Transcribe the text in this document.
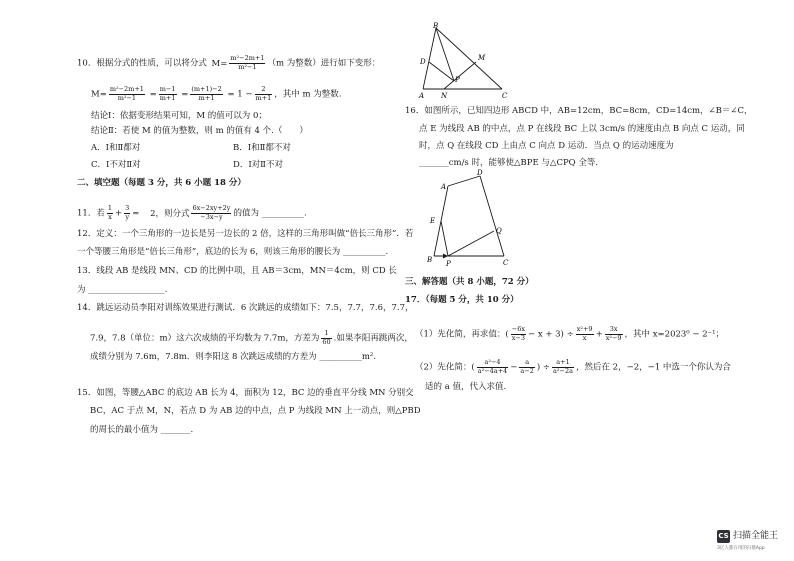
10．根据分式的性质，可以将分式 $M= \frac{\text{m²−2m+1}}{\text{m²−1}} (m$ 为整数）进行如下变形：
$M= \frac{\text{m²−2m+1}}{\text{m²−1}} = \frac{m-1}{m+1} = \frac{(m+1)-2}{m+1} = 1 - \frac{2}{m+1}$ ，其中 m 为整数.
结论Ⅰ：依据变形结果可知，M 的值可以为 0；
结论Ⅱ：若使 M 的值为整数，则 m 的值有 4 个.（　　）
A．Ⅰ和Ⅱ都对	B．Ⅰ和Ⅱ都不对
C．Ⅰ不对Ⅱ对	D．Ⅰ对Ⅱ不对
二、填空题（每题 3 分，共 6 小题 18 分）
11．若 $\frac{1}{x} + \frac{3}{y} = 2$，则分式 $\frac{6x-2xy+2y}{-3x-y}$ 的值为 __________.
12．定义：一个三角形的一边长是另一边长的 2 倍，这样的三角形叫做“倍长三角形”．若
一个等腰三角形是“倍长三角形”，底边的长为 6，则该三角形的腰长为 __________.
13．线段 AB 是线段 MN、CD 的比例中项，且 AB＝3cm，MN＝4cm，则 CD 长
为 __________________.
14．跳远运动员李阳对训练效果进行测试．6 次跳远的成绩如下：7.5，7.7，7.6，7.7，
7.9，7.8（单位：m）这六次成绩的平均数为 7.7m，方差为 $\frac{1}{60}$ .如果李阳再跳两次，
成绩分别为 7.6m，7.8m．则李阳这 8 次跳远成绩的方差为 __________m².
15．如图，等腰△ABC 的底边 AB 长为 4，面积为 12，BC 边的垂直平分线 MN 分别交
BC，AC 于点 M，N，若点 D 为 AB 边的中点，点 P 为线段 MN 上一动点，则△PBD
的周长的最小值为 _______.
B
D	M
P
A N	C
16．如图所示，已知四边形 ABCD 中，AB=12cm，BC=8cm，CD=14cm，∠B＝∠C，
点 E 为线段 AB 的中点，点 P 在线段 BC 上以 3cm/s 的速度由点 B 向点 C 运动，同
时，点 Q 在线段 CD 上由点 C 向点 D 运动．当点 Q 的运动速度为
_______cm/s 时，能够使△BPE 与△CPQ 全等.
A
D
E
Q
B P	C
三、解答题（共 8 小题，72 分）
17．（每题 5 分，共 10 分）
（1）先化简，再求值：( $\frac{-6x}{x-3} - x + 3) \div \frac{\text{x²+9}}{x} + \frac{3x}{\text{x²−9}}$ ，其中 x=2023⁰ − 2⁻¹；
（2）先化简：( $\frac{\text{a²−4}}{\text{a²−4a+4}} - \frac{a}{a-2}$ ) ÷ $\frac{a+1}{\text{a²−2a}}$ ，然后在 2，−2，−1 中选一个你认为合
适的 a 值，代入求值.
CS 扫描全能王
3亿人都在用的扫描App
